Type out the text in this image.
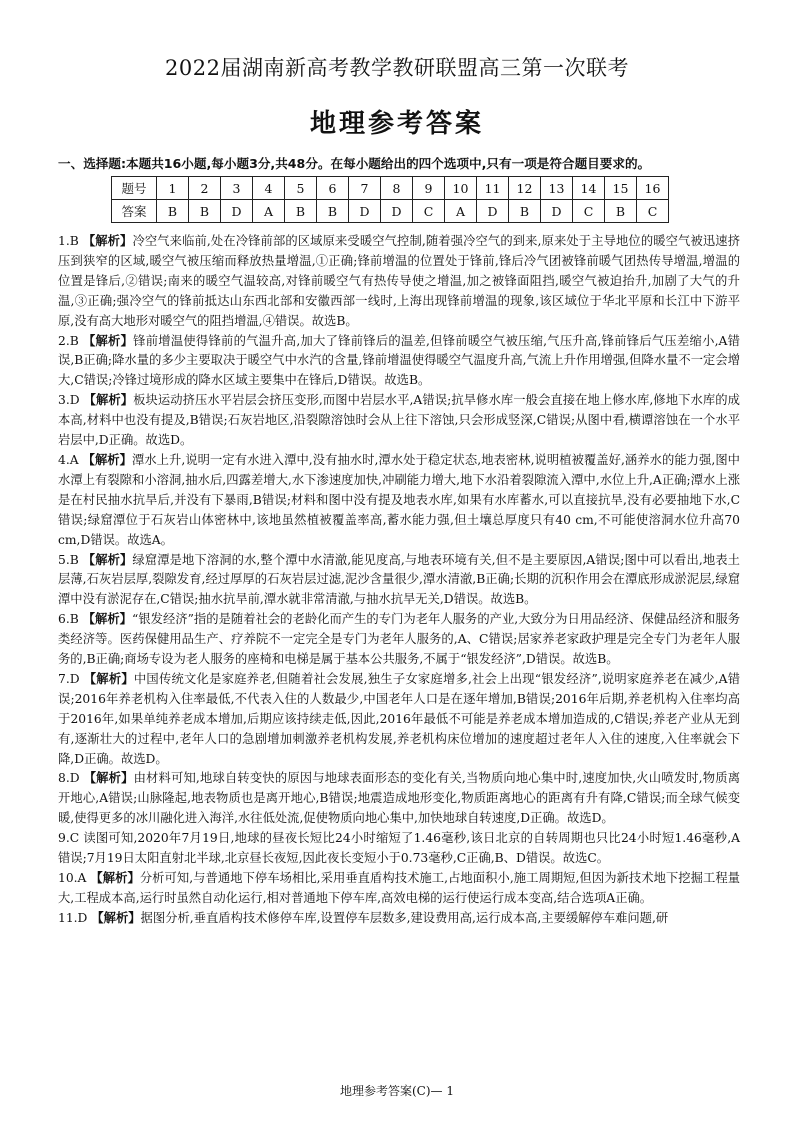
2022届湖南新高考教学教研联盟高三第一次联考
地理参考答案
一、选择题:本题共16小题,每小题3分,共48分。在每小题给出的四个选项中,只有一项是符合题目要求的。
题号	1	2	3	4	5	6	7	8	9	10	11	12	13	14	15	16
答案	B	B	D	A	B	B	D	D	C	A	D	B	D	C	B	C

1.B 【解析】冷空气来临前,处在冷锋前部的区域原来受暖空气控制,随着强冷空气的到来,原来处于主导地位的暖空气被迅速挤压到狭窄的区域,暖空气被压缩而释放热量增温,①正确;锋前增温的位置处于锋前,锋后冷气团被锋前暖气团热传导增温,增温的位置是锋后,②错误;南来的暖空气温较高,对锋前暖空气有热传导使之增温,加之被锋面阻挡,暖空气被迫抬升,加剧了大气的升温,③正确;强冷空气的锋前抵达山东西北部和安徽西部一线时,上海出现锋前增温的现象,该区域位于华北平原和长江中下游平原,没有高大地形对暖空气的阻挡增温,④错误。故选B。

2.B 【解析】锋前增温使得锋前的气温升高,加大了锋前锋后的温差,但锋前暖空气被压缩,气压升高,锋前锋后气压差缩小,A错误,B正确;降水量的多少主要取决于暖空气中水汽的含量,锋前增温使得暖空气温度升高,气流上升作用增强,但降水量不一定会增大,C错误;冷锋过境形成的降水区域主要集中在锋后,D错误。故选B。

3.D 【解析】板块运动挤压水平岩层会挤压变形,而图中岩层水平,A错误;抗旱修水库一般会直接在地上修水库,修地下水库的成本高,材料中也没有提及,B错误;石灰岩地区,沿裂隙溶蚀时会从上往下溶蚀,只会形成竖深,C错误;从图中看,横谭溶蚀在一个水平岩层中,D正确。故选D。

4.A 【解析】潭水上升,说明一定有水进入潭中,没有抽水时,潭水处于稳定状态,地表密林,说明植被覆盖好,涵养水的能力强,图中水潭上有裂隙和小溶洞,抽水后,四露差增大,水下渗速度加快,冲刷能力增大,地下水沿着裂隙流入潭中,水位上升,A正确;潭水上涨是在村民抽水抗旱后,并没有下暴雨,B错误;材料和图中没有提及地表水库,如果有水库蓄水,可以直接抗旱,没有必要抽地下水,C错误;绿窟潭位于石灰岩山体密林中,该地虽然植被覆盖率高,蓄水能力强,但土壤总厚度只有40 cm,不可能使溶洞水位升高70 cm,D错误。故选A。

5.B 【解析】绿窟潭是地下溶洞的水,整个潭中水清澈,能见度高,与地表环境有关,但不是主要原因,A错误;图中可以看出,地表土层薄,石灰岩层厚,裂隙发育,经过厚厚的石灰岩层过滤,泥沙含量很少,潭水清澈,B正确;长期的沉积作用会在潭底形成淤泥层,绿窟潭中没有淤泥存在,C错误;抽水抗旱前,潭水就非常清澈,与抽水抗旱无关,D错误。故选B。

6.B 【解析】“银发经济”指的是随着社会的老龄化而产生的专门为老年人服务的产业,大致分为日用品经济、保健品经济和服务类经济等。医药保健用品生产、疗养院不一定完全是专门为老年人服务的,A、C错误;居家养老家政护理是完全专门为老年人服务的,B正确;商场专设为老人服务的座椅和电梯是属于基本公共服务,不属于“银发经济”,D错误。故选B。

7.D 【解析】中国传统文化是家庭养老,但随着社会发展,独生子女家庭增多,社会上出现“银发经济”,说明家庭养老在减少,A错误;2016年养老机构入住率最低,不代表入住的人数最少,中国老年人口是在逐年增加,B错误;2016年后期,养老机构入住率均高于2016年,如果单纯养老成本增加,后期应该持续走低,因此,2016年最低不可能是养老成本增加造成的,C错误;养老产业从无到有,逐渐壮大的过程中,老年人口的急剧增加刺激养老机构发展,养老机构床位增加的速度超过老年人入住的速度,入住率就会下降,D正确。故选D。

8.D 【解析】由材料可知,地球自转变快的原因与地球表面形态的变化有关,当物质向地心集中时,速度加快,火山喷发时,物质离开地心,A错误;山脉隆起,地表物质也是离开地心,B错误;地震造成地形变化,物质距离地心的距离有升有降,C错误;而全球气候变暖,使得更多的冰川融化进入海洋,水往低处流,促使物质向地心集中,加快地球自转速度,D正确。故选D。

9.C 读图可知,2020年7月19日,地球的昼夜长短比24小时缩短了1.46毫秒,该日北京的自转周期也只比24小时短1.46毫秒,A错误;7月19日太阳直射北半球,北京昼长夜短,因此夜长变短小于0.73毫秒,C正确,B、D错误。故选C。

10.A 【解析】分析可知,与普通地下停车场相比,采用垂直盾构技术施工,占地面积小,施工周期短,但因为新技术地下挖掘工程量大,工程成本高,运行时虽然自动化运行,相对普通地下停车库,高效电梯的运行使运行成本变高,结合选项A正确。

11.D 【解析】据图分析,垂直盾构技术修停车库,设置停车层数多,建设费用高,运行成本高,主要缓解停车难问题,研

地理参考答案(C)— 1
